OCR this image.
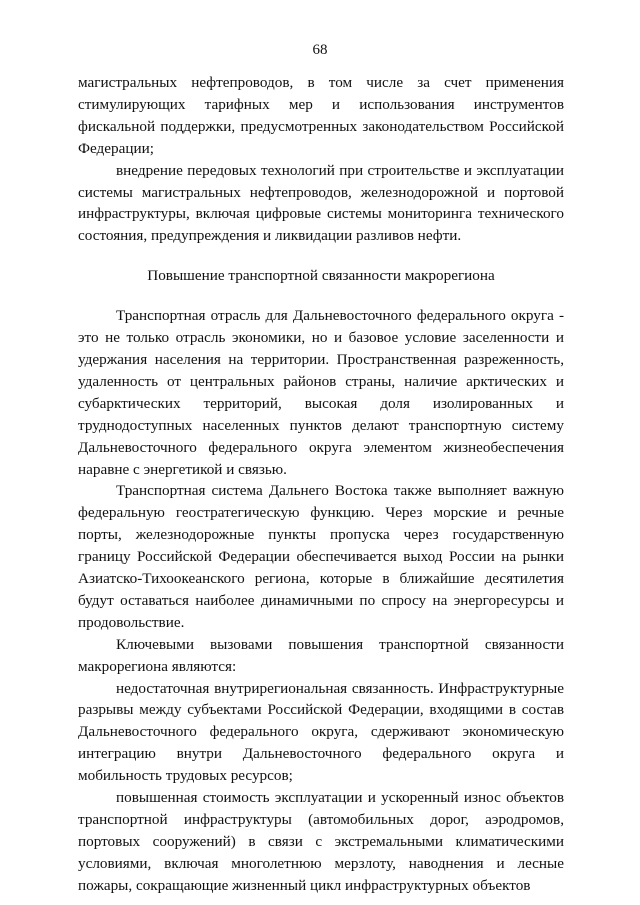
68

магистральных нефтепроводов, в том числе за счет применения стимулирующих тарифных мер и использования инструментов фискальной поддержки, предусмотренных законодательством Российской Федерации;

внедрение передовых технологий при строительстве и эксплуатации системы магистральных нефтепроводов, железнодорожной и портовой инфраструктуры, включая цифровые системы мониторинга технического состояния, предупреждения и ликвидации разливов нефти.

Повышение транспортной связанности макрорегиона

Транспортная отрасль для Дальневосточного федерального округа - это не только отрасль экономики, но и базовое условие заселенности и удержания населения на территории. Пространственная разреженность, удаленность от центральных районов страны, наличие арктических и субарктических территорий, высокая доля изолированных и труднодоступных населенных пунктов делают транспортную систему Дальневосточного федерального округа элементом жизнеобеспечения наравне с энергетикой и связью.

Транспортная система Дальнего Востока также выполняет важную федеральную геостратегическую функцию. Через морские и речные порты, железнодорожные пункты пропуска через государственную границу Российской Федерации обеспечивается выход России на рынки Азиатско-Тихоокеанского региона, которые в ближайшие десятилетия будут оставаться наиболее динамичными по спросу на энергоресурсы и продовольствие.

Ключевыми вызовами повышения транспортной связанности макрорегиона являются:

недостаточная внутрирегиональная связанность. Инфраструктурные разрывы между субъектами Российской Федерации, входящими в состав Дальневосточного федерального округа, сдерживают экономическую интеграцию внутри Дальневосточного федерального округа и мобильность трудовых ресурсов;

повышенная стоимость эксплуатации и ускоренный износ объектов транспортной инфраструктуры (автомобильных дорог, аэродромов, портовых сооружений) в связи с экстремальными климатическими условиями, включая многолетнюю мерзлоту, наводнения и лесные пожары, сокращающие жизненный цикл инфраструктурных объектов
